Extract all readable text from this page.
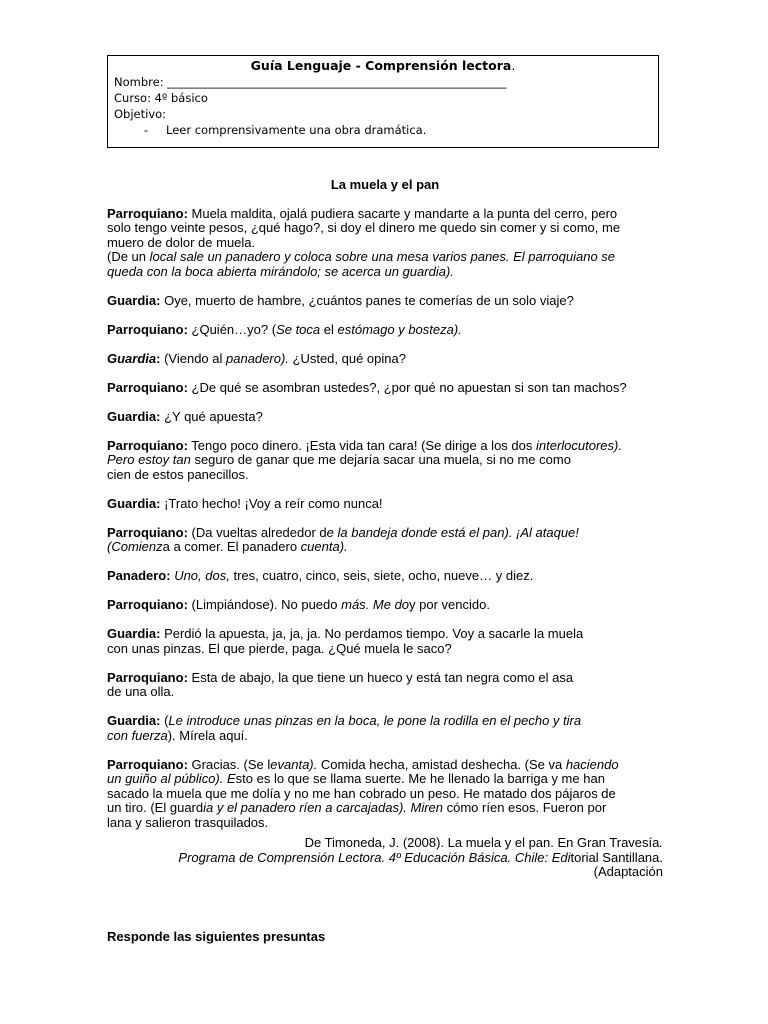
Guía Lenguaje - Comprensión lectora.
Nombre: ___________________________________________________________
Curso: 4º básico
Objetivo:
- Leer comprensivamente una obra dramática.
La muela y el pan
Parroquiano: Muela maldita, ojalá pudiera sacarte y mandarte a la punta del cerro, pero
solo tengo veinte pesos, ¿qué hago?, si doy el dinero me quedo sin comer y si como, me
muero de dolor de muela.
(De un local sale un panadero y coloca sobre una mesa varios panes. El parroquiano se
queda con la boca abierta mirándolo; se acerca un guardia).
Guardia: Oye, muerto de hambre, ¿cuántos panes te comerías de un solo viaje?
Parroquiano: ¿Quién…yo? (Se toca el estómago y bosteza).
Guardia: (Viendo al panadero). ¿Usted, qué opina?
Parroquiano: ¿De qué se asombran ustedes?, ¿por qué no apuestan si son tan machos?
Guardia: ¿Y qué apuesta?
Parroquiano: Tengo poco dinero. ¡Esta vida tan cara! (Se dirige a los dos interlocutores).
Pero estoy tan seguro de ganar que me dejaría sacar una muela, si no me como
cien de estos panecillos.
Guardia: ¡Trato hecho! ¡Voy a reír como nunca!
Parroquiano: (Da vueltas alrededor de la bandeja donde está el pan). ¡Al ataque!
(Comienza a comer. El panadero cuenta).
Panadero: Uno, dos, tres, cuatro, cinco, seis, siete, ocho, nueve… y diez.
Parroquiano: (Limpiándose). No puedo más. Me doy por vencido.
Guardia: Perdió la apuesta, ja, ja, ja. No perdamos tiempo. Voy a sacarle la muela
con unas pinzas. El que pierde, paga. ¿Qué muela le saco?
Parroquiano: Esta de abajo, la que tiene un hueco y está tan negra como el asa
de una olla.
Guardia: (Le introduce unas pinzas en la boca, le pone la rodilla en el pecho y tira
con fuerza). Mírela aquí.
Parroquiano: Gracias. (Se levanta). Comida hecha, amistad deshecha. (Se va haciendo
un guiño al público). Esto es lo que se llama suerte. Me he llenado la barriga y me han
sacado la muela que me dolía y no me han cobrado un peso. He matado dos pájaros de
un tiro. (El guardia y el panadero ríen a carcajadas). Miren cómo ríen esos. Fueron por
lana y salieron trasquilados.
De Timoneda, J. (2008). La muela y el pan. En Gran Travesía.
Programa de Comprensión Lectora. 4º Educación Básica. Chile: Editorial Santillana.
(Adaptación
Responde las siguientes presuntas
